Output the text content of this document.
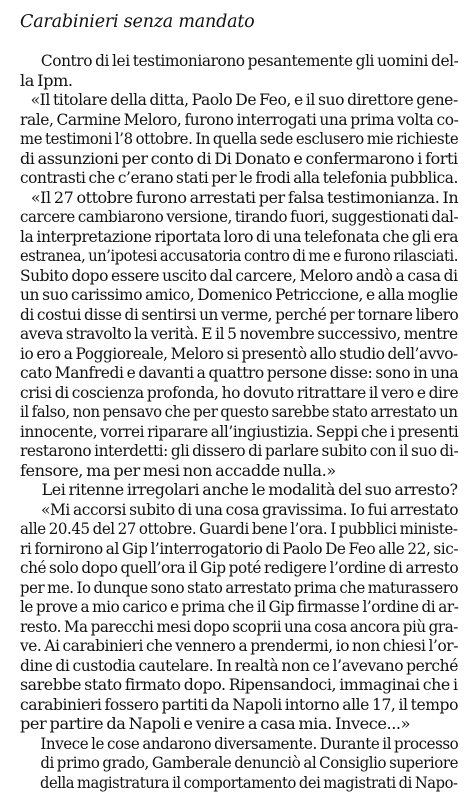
Carabinieri senza mandato
Contro di lei testimoniarono pesantemente gli uomini del-
la Ipm.
«Il titolare della ditta, Paolo De Feo, e il suo direttore gene-
rale, Carmine Meloro, furono interrogati una prima volta co-
me testimoni l’8 ottobre. In quella sede esclusero mie richieste
di assunzioni per conto di Di Donato e confermarono i forti
contrasti che c’erano stati per le frodi alla telefonia pubblica.
«Il 27 ottobre furono arrestati per falsa testimonianza. In
carcere cambiarono versione, tirando fuori, suggestionati dal-
la interpretazione riportata loro di una telefonata che gli era
estranea, un’ipotesi accusatoria contro di me e furono rilasciati.
Subito dopo essere uscito dal carcere, Meloro andò a casa di
un suo carissimo amico, Domenico Petriccione, e alla moglie
di costui disse di sentirsi un verme, perché per tornare libero
aveva stravolto la verità. E il 5 novembre successivo, mentre
io ero a Poggioreale, Meloro si presentò allo studio dell’avvo-
cato Manfredi e davanti a quattro persone disse: sono in una
crisi di coscienza profonda, ho dovuto ritrattare il vero e dire
il falso, non pensavo che per questo sarebbe stato arrestato un
innocente, vorrei riparare all’ingiustizia. Seppi che i presenti
restarono interdetti: gli dissero di parlare subito con il suo di-
fensore, ma per mesi non accadde nulla.»
Lei ritenne irregolari anche le modalità del suo arresto?
«Mi accorsi subito di una cosa gravissima. Io fui arrestato
alle 20.45 del 27 ottobre. Guardi bene l’ora. I pubblici ministe-
ri fornirono al Gip l’interrogatorio di Paolo De Feo alle 22, sic-
ché solo dopo quell’ora il Gip poté redigere l’ordine di arresto
per me. Io dunque sono stato arrestato prima che maturassero
le prove a mio carico e prima che il Gip firmasse l’ordine di ar-
resto. Ma parecchi mesi dopo scoprii una cosa ancora più gra-
ve. Ai carabinieri che vennero a prendermi, io non chiesi l’or-
dine di custodia cautelare. In realtà non ce l’avevano perché
sarebbe stato firmato dopo. Ripensandoci, immaginai che i
carabinieri fossero partiti da Napoli intorno alle 17, il tempo
per partire da Napoli e venire a casa mia. Invece...»
Invece le cose andarono diversamente. Durante il processo
di primo grado, Gamberale denunciò al Consiglio superiore
della magistratura il comportamento dei magistrati di Napo-
